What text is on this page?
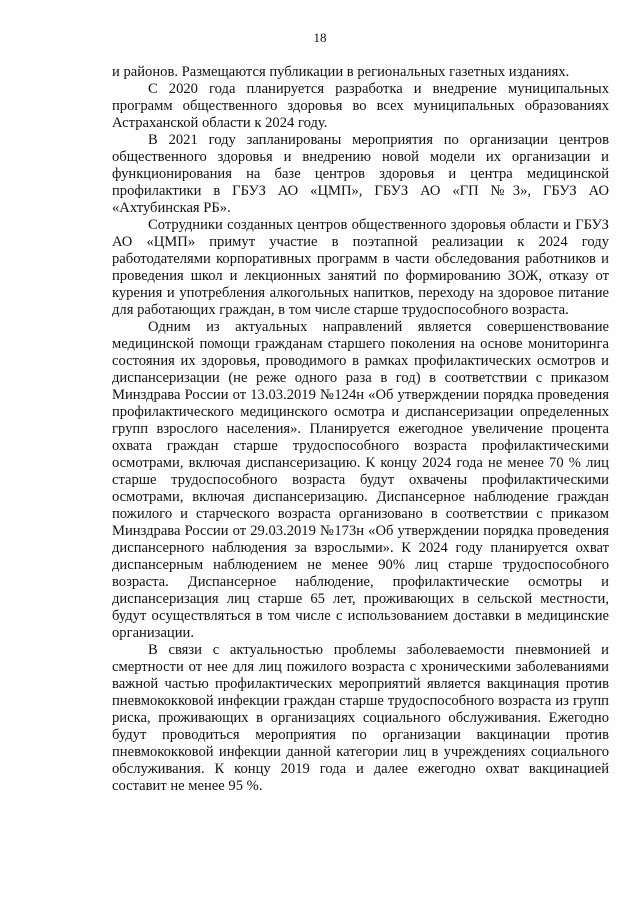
18

и районов. Размещаются публикации в региональных газетных изданиях.

С 2020 года планируется разработка и внедрение муниципальных программ общественного здоровья во всех муниципальных образованиях Астраханской области к 2024 году.

В 2021 году запланированы мероприятия по организации центров общественного здоровья и внедрению новой модели их организации и функционирования на базе центров здоровья и центра медицинской профилактики в ГБУЗ АО «ЦМП», ГБУЗ АО «ГП №3», ГБУЗ АО «Ахтубинская РБ».

Сотрудники созданных центров общественного здоровья области и ГБУЗ АО «ЦМП» примут участие в поэтапной реализации к 2024 году работодателями корпоративных программ в части обследования работников и проведения школ и лекционных занятий по формированию ЗОЖ, отказу от курения и употребления алкогольных напитков, переходу на здоровое питание для работающих граждан, в том числе старше трудоспособного возраста.

Одним из актуальных направлений является совершенствование медицинской помощи гражданам старшего поколения на основе мониторинга состояния их здоровья, проводимого в рамках профилактических осмотров и диспансеризации (не реже одного раза в год) в соответствии с приказом Минздрава России от 13.03.2019 №124н «Об утверждении порядка проведения профилактического медицинского осмотра и диспансеризации определенных групп взрослого населения». Планируется ежегодное увеличение процента охвата граждан старше трудоспособного возраста профилактическими осмотрами, включая диспансеризацию. К концу 2024 года не менее 70 % лиц старше трудоспособного возраста будут охвачены профилактическими осмотрами, включая диспансеризацию. Диспансерное наблюдение граждан пожилого и старческого возраста организовано в соответствии с приказом Минздрава России от 29.03.2019 №173н «Об утверждении порядка проведения диспансерного наблюдения за взрослыми». К 2024 году планируется охват диспансерным наблюдением не менее 90% лиц старше трудоспособного возраста. Диспансерное наблюдение, профилактические осмотры и диспансеризация лиц старше 65 лет, проживающих в сельской местности, будут осуществляться в том числе с использованием доставки в медицинские организации.

В связи с актуальностью проблемы заболеваемости пневмонией и смертности от нее для лиц пожилого возраста с хроническими заболеваниями важной частью профилактических мероприятий является вакцинация против пневмококковой инфекции граждан старше трудоспособного возраста из групп риска, проживающих в организациях социального обслуживания. Ежегодно будут проводиться мероприятия по организации вакцинации против пневмококковой инфекции данной категории лиц в учреждениях социального обслуживания. К концу 2019 года и далее ежегодно охват вакцинацией составит не менее 95 %.
